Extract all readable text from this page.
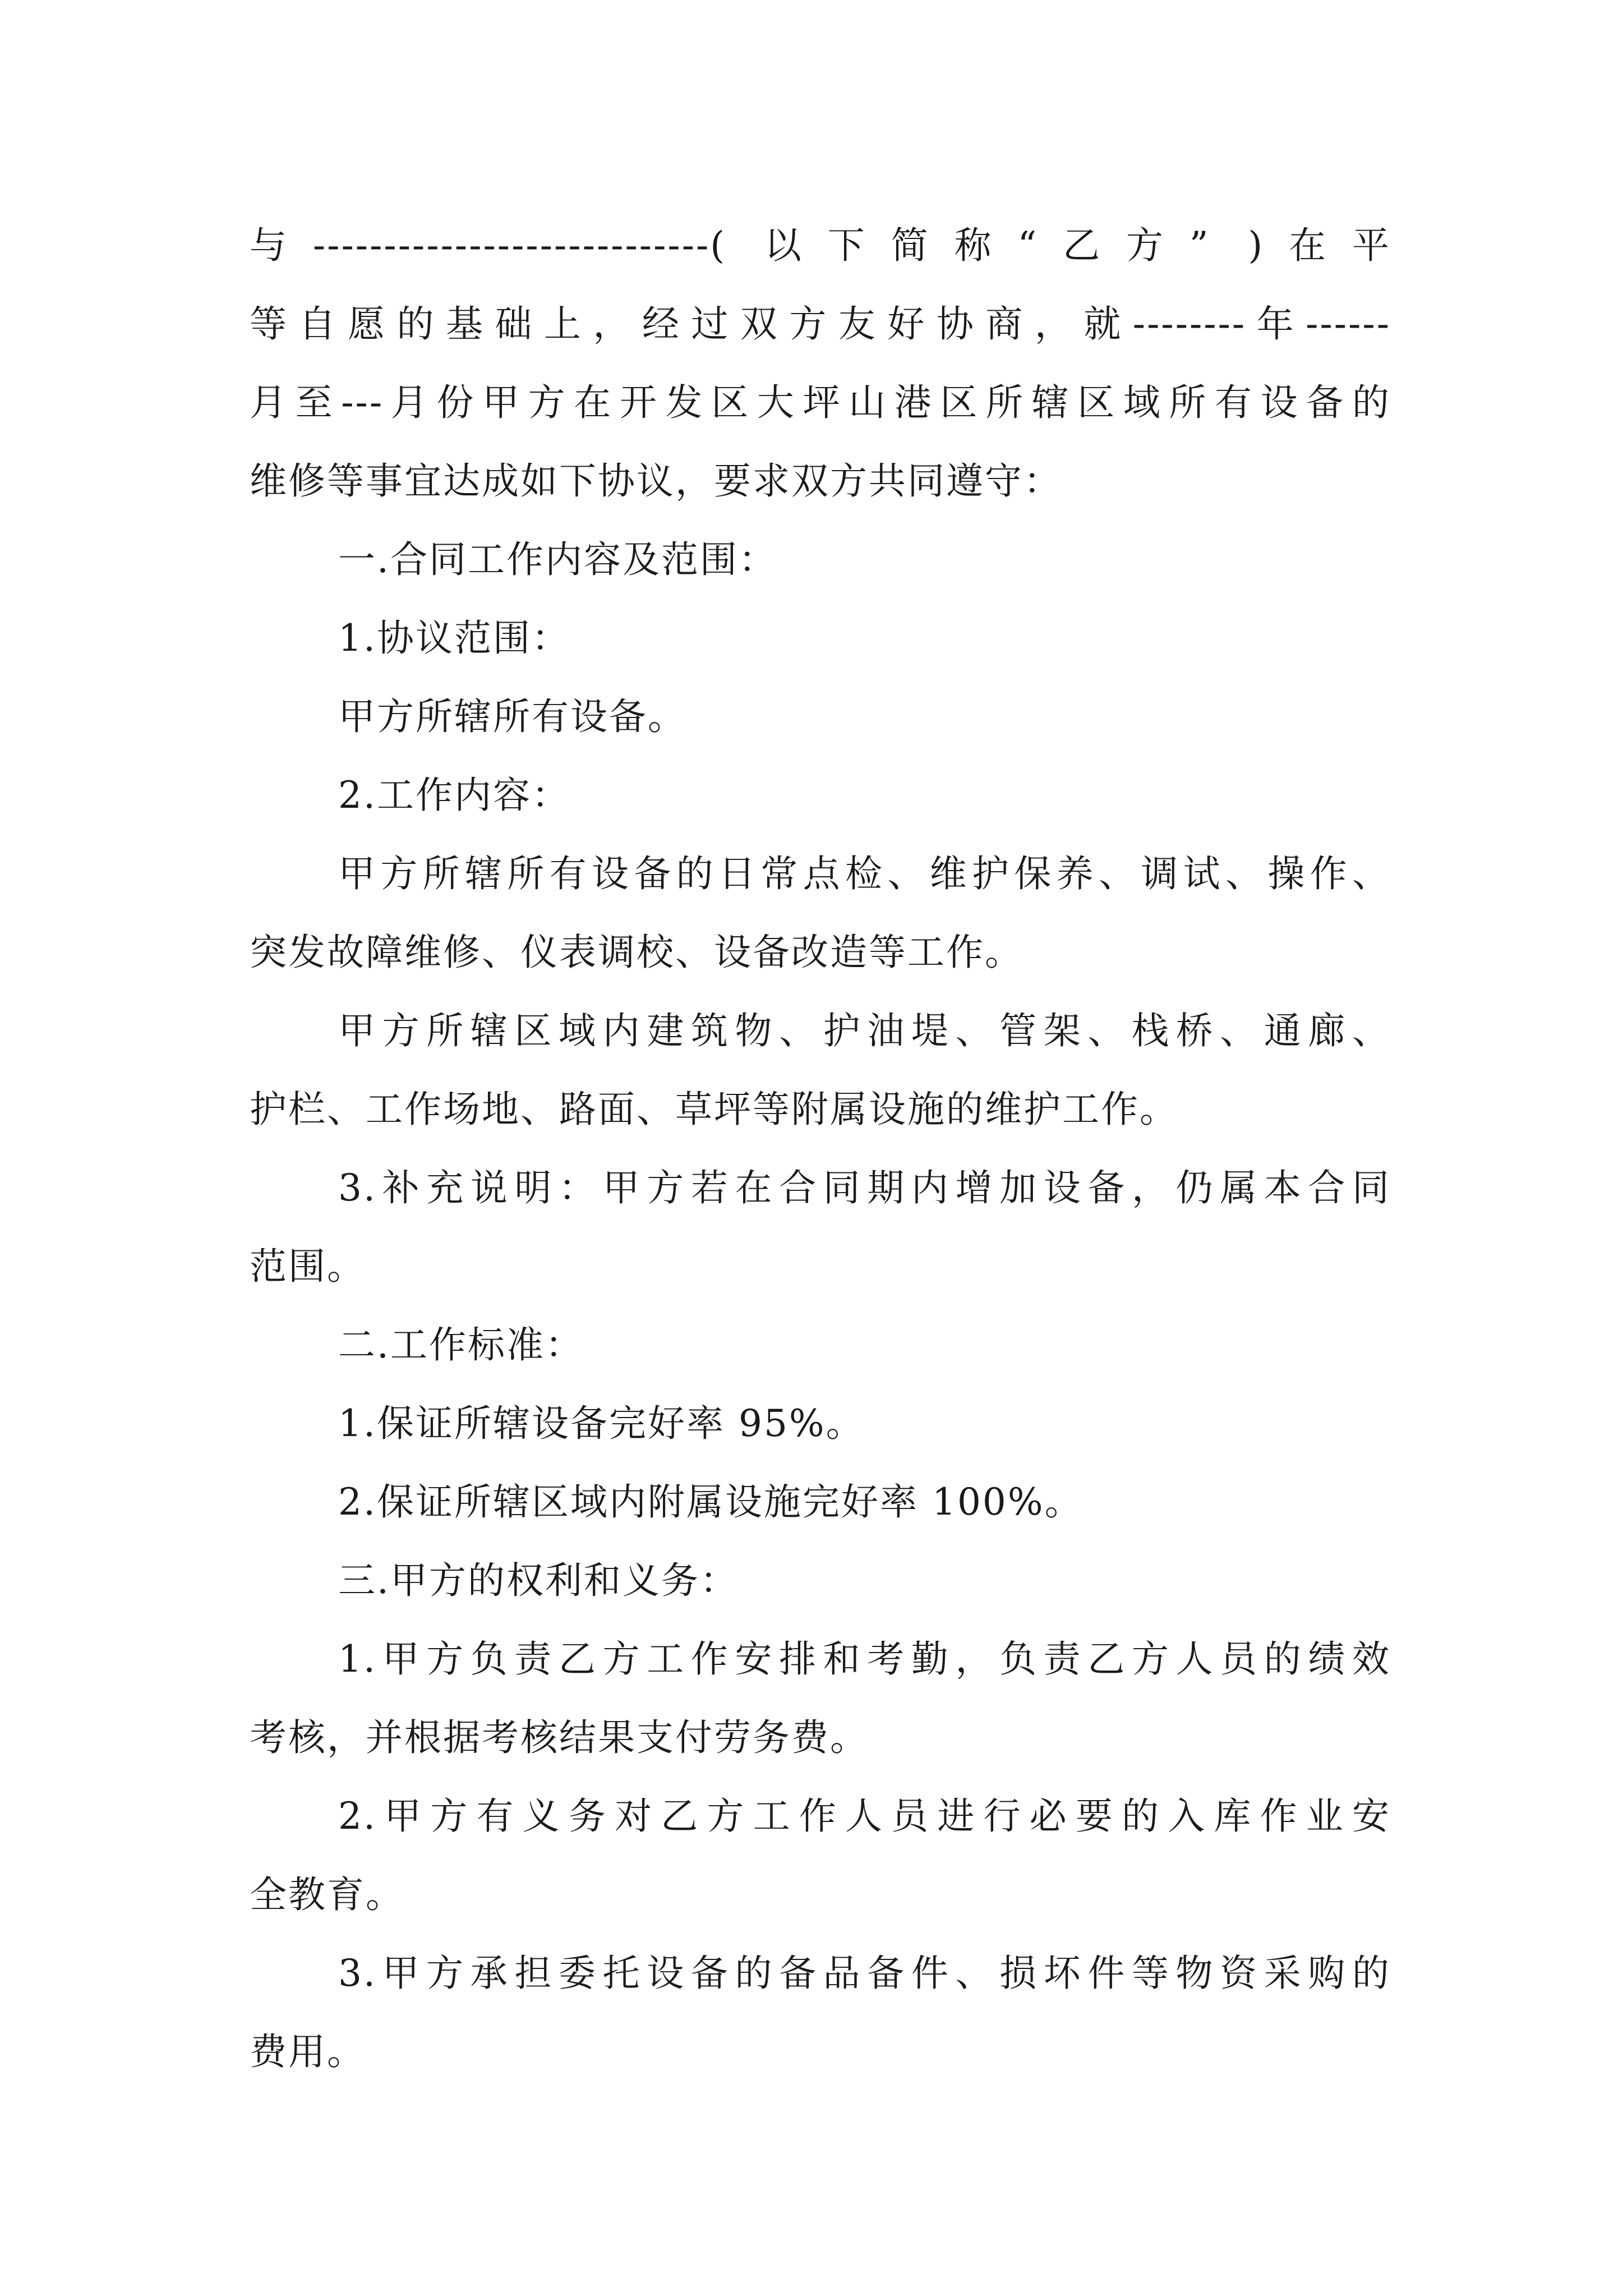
与----------------------------( 以下简称“乙方” )在平
等自愿的基础上，经过双方友好协商，就--------年------
月至---月份甲方在开发区大坪山港区所辖区域所有设备的
维修等事宜达成如下协议，要求双方共同遵守：
一.合同工作内容及范围：
1.协议范围：
甲方所辖所有设备。
2.工作内容：
甲方所辖所有设备的日常点检、维护保养、调试、操作、
突发故障维修、仪表调校、设备改造等工作。
甲方所辖区域内建筑物、护油堤、管架、栈桥、通廊、
护栏、工作场地、路面、草坪等附属设施的维护工作。
3.补充说明：甲方若在合同期内增加设备，仍属本合同
范围。
二.工作标准：
1.保证所辖设备完好率 95%。
2.保证所辖区域内附属设施完好率 100%。
三.甲方的权利和义务：
1.甲方负责乙方工作安排和考勤，负责乙方人员的绩效
考核，并根据考核结果支付劳务费。
2.甲方有义务对乙方工作人员进行必要的入库作业安
全教育。
3.甲方承担委托设备的备品备件、损坏件等物资采购的
费用。
